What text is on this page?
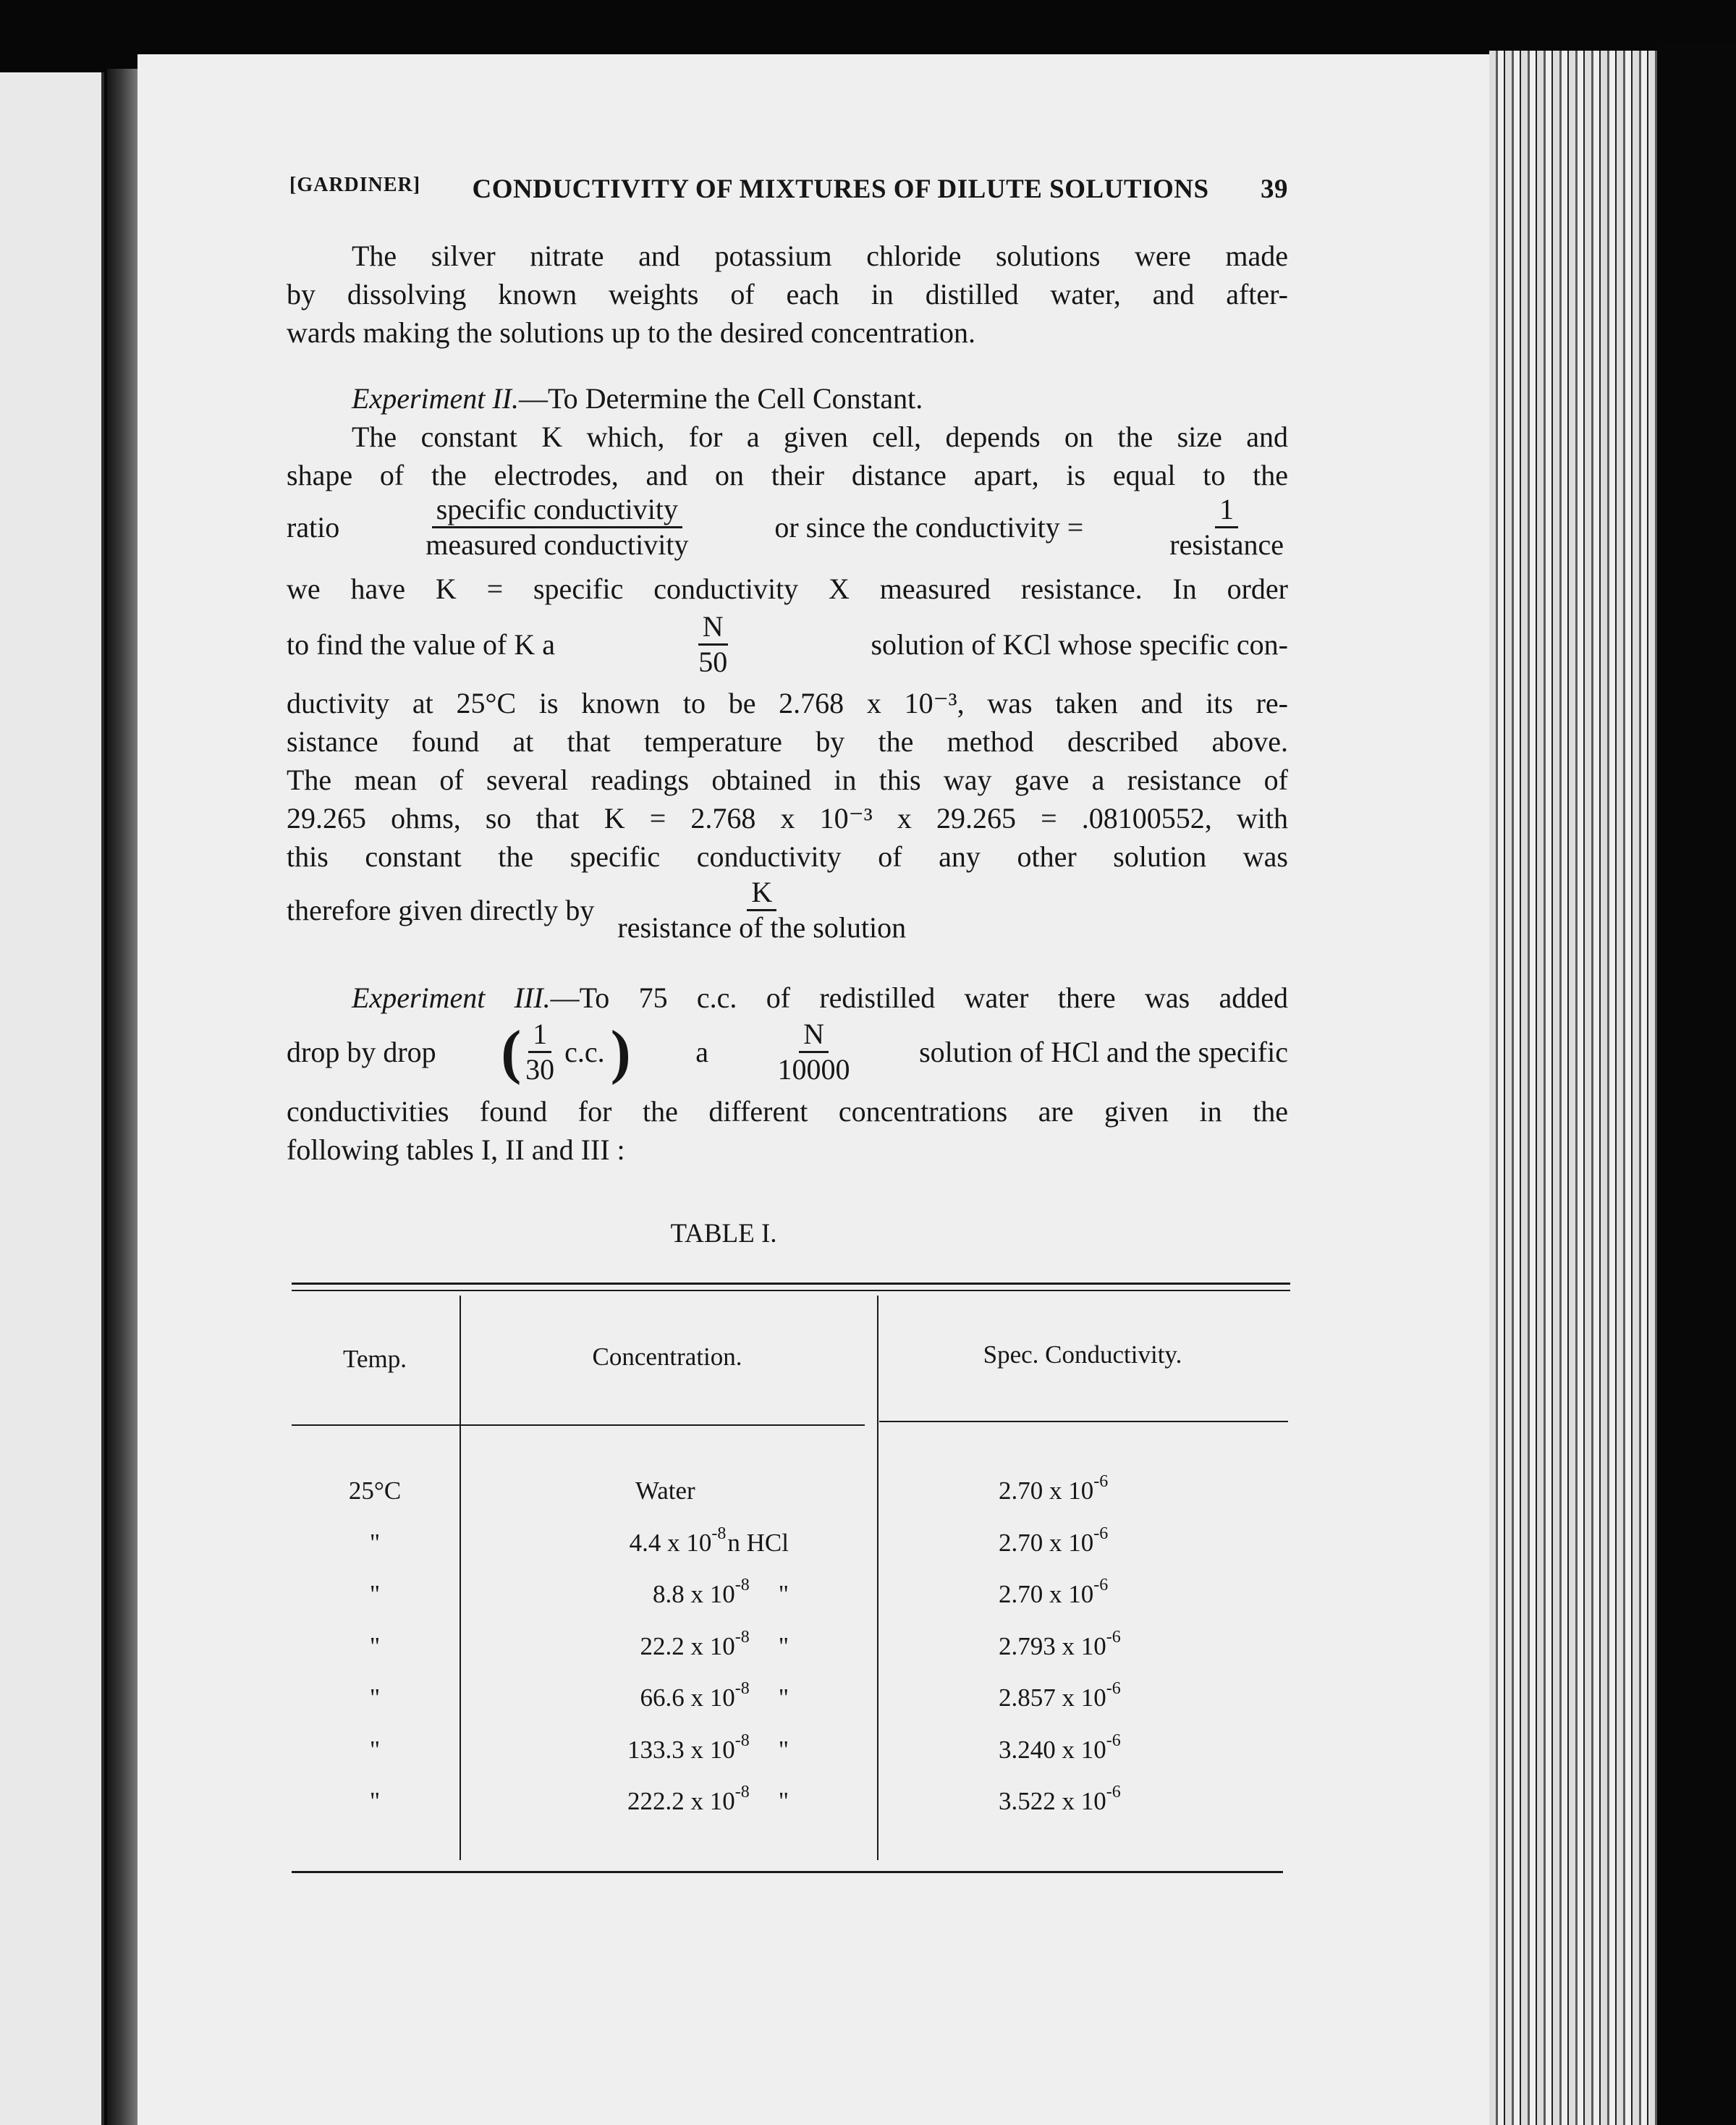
[GARDINER] CONDUCTIVITY OF MIXTURES OF DILUTE SOLUTIONS 39
The silver nitrate and potassium chloride solutions were made
by dissolving known weights of each in distilled water, and after-
wards making the solutions up to the desired concentration.
Experiment II.—To Determine the Cell Constant.
The constant K which, for a given cell, depends on the size and
shape of the electrodes, and on their distance apart, is equal to the
ratio	$\frac{\text{specific conductivity}}{\text{measured conductivity}}$	or since the conductivity =	$\frac{1}{\text{resistance}}$
we have K = specific conductivity X measured resistance. In order
to find the value of K a	$\frac{N}{50}$	solution of KCl whose specific con-
ductivity at 25°C is known to be 2.768 x 10⁻³, was taken and its re-
sistance found at that temperature by the method described above.
The mean of several readings obtained in this way gave a resistance of
29.265 ohms, so that K = 2.768 x 10⁻³ x 29.265 = .08100552, with
this constant the specific conductivity of any other solution was
therefore given directly by $\frac{K}{\text{resistance of the solution}}$
Experiment III.—To 75 c.c. of redistilled water there was added
drop by drop ( $\frac{1}{30} c.c$. ) a $\frac{N}{10000}$ solution of HCl and the specific
conductivities found for the different concentrations are given in the
following tables I, II and III :
TABLE I.
Temp.	Concentration.	Spec. Conductivity.
25°C	Water	2.70 x $10^{-6}$
"	4.4 x $10^{-8}n$ HCl	2.70 x $10^{-6}$
"	8.8 x $10^{-8}$ "	2.70 x $10^{-6}$
"	22.2 x $10^{-8}$ "	2.793 x $10^{-6}$
"	66.6 x $10^{-8}$ "	2.857 x $10^{-6}$
"	133.3 x $10^{-8}$ "	3.240 x $10^{-6}$
"	222.2 x $10^{-8}$ "	3.522 x $10^{-6}$
